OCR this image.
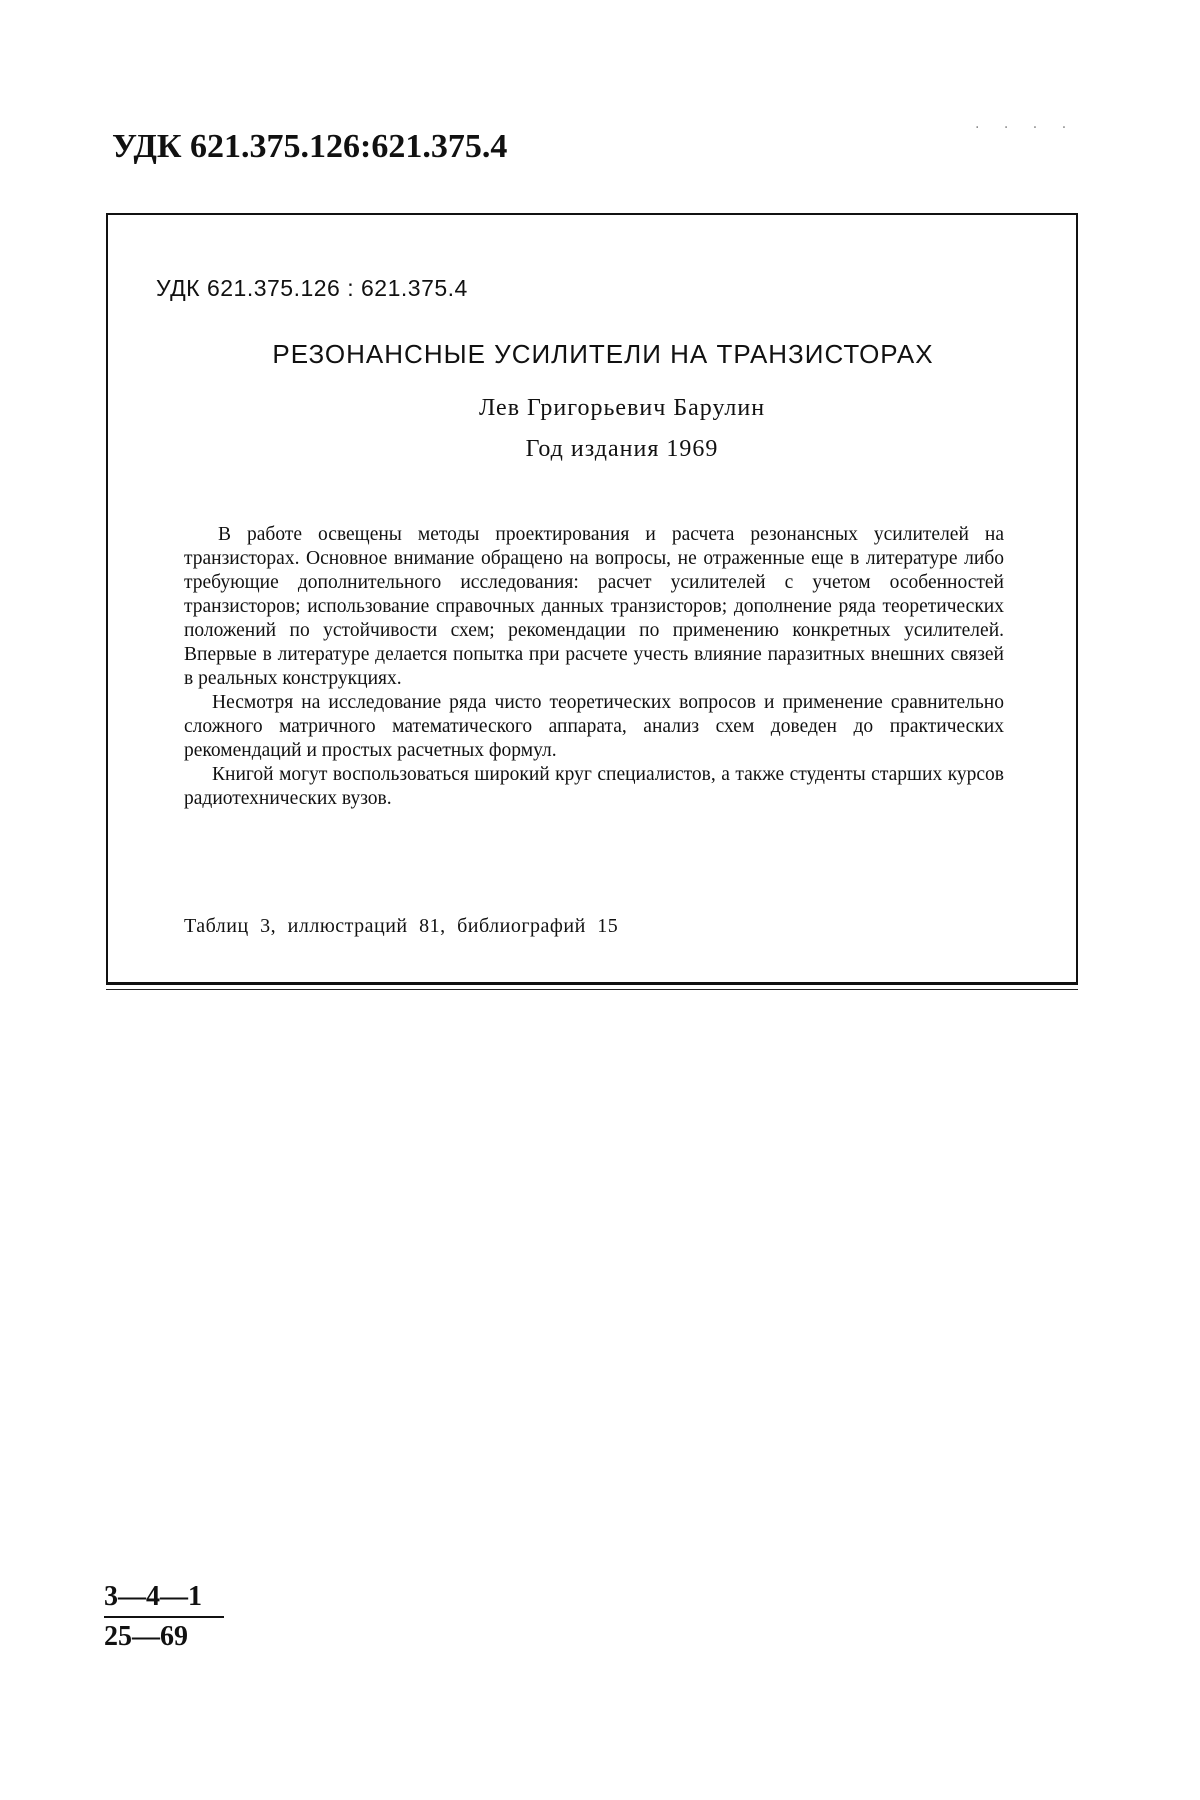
УДК 621.375.126:621.375.4	· · · ·
УДК 621.375.126 : 621.375.4
РЕЗОНАНСНЫЕ УСИЛИТЕЛИ НА ТРАНЗИСТОРАХ
Лев Григорьевич Барулин
Год издания 1969

В работе освещены методы проектирования и расчета резонансных усилителей на транзисторах. Основное внимание обращено на вопросы, не отраженные еще в литературе либо требующие дополнительного исследования: расчет усилителей с учетом особенностей транзисторов; использование справочных данных транзисторов; дополнение ряда теоретических положений по устойчивости схем; рекомендации по применению конкретных усилителей. Впервые в литературе делается попытка при расчете учесть влияние паразитных внешних связей в реальных конструкциях.

Несмотря на исследование ряда чисто теоретических вопросов и применение сравнительно сложного матричного математического аппарата, анализ схем доведен до практических рекомендаций и простых расчетных формул.

Книгой могут воспользоваться широкий круг специалистов, а также студенты старших курсов радиотехнических вузов.

Таблиц 3, иллюстраций 81, библиографий 15
3—4—1
25—69
